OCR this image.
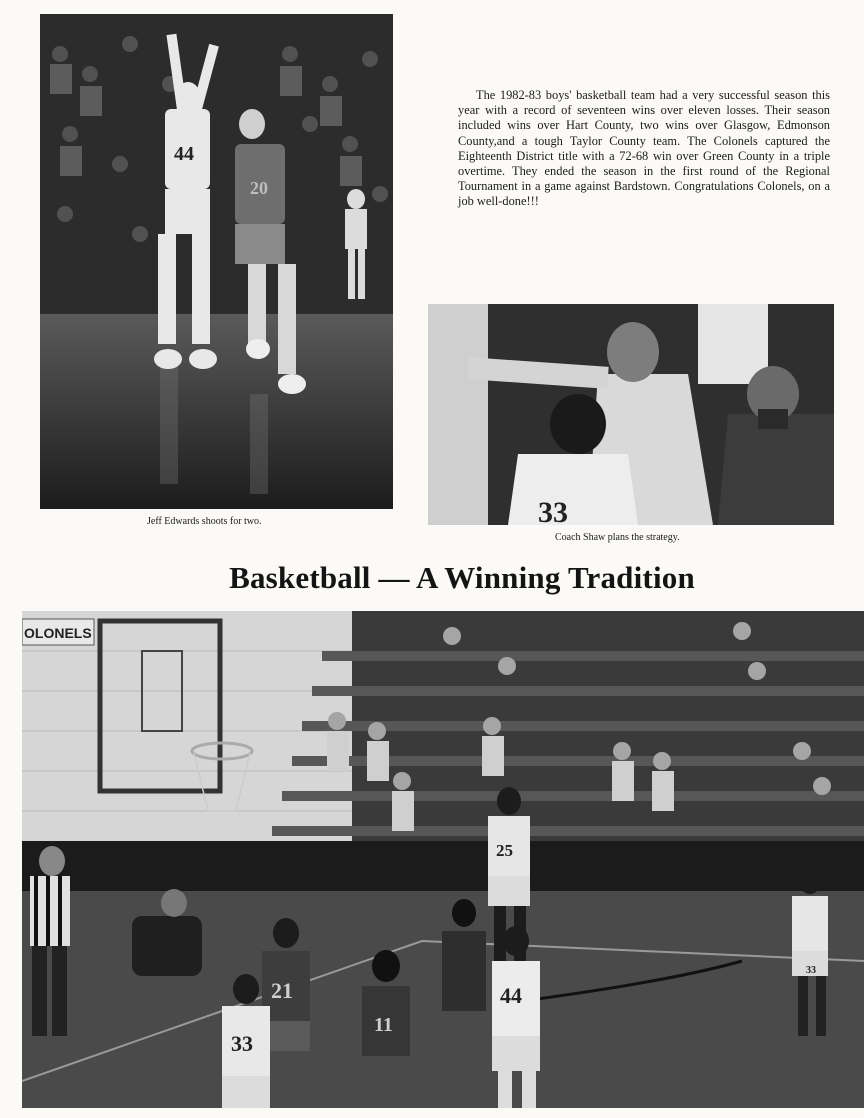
44
20
Jeff Edwards shoots for two.
The 1982-83 boys' basketball team had a very successful season this year with a record of seventeen wins over eleven losses. Their season included wins over Hart County, two wins over Glasgow, Edmonson County,and a tough Taylor County team. The Colonels captured the Eighteenth District title with a 72-68 win over Green County in a triple overtime. They ended the season in the first round of the Regional Tournament in a game against Bardstown. Congratulations Colonels, on a job well-done!!!
33
Coach Shaw plans the strategy.
Basketball — A Winning Tradition
OLONELS
25
21
33
11
44
33
